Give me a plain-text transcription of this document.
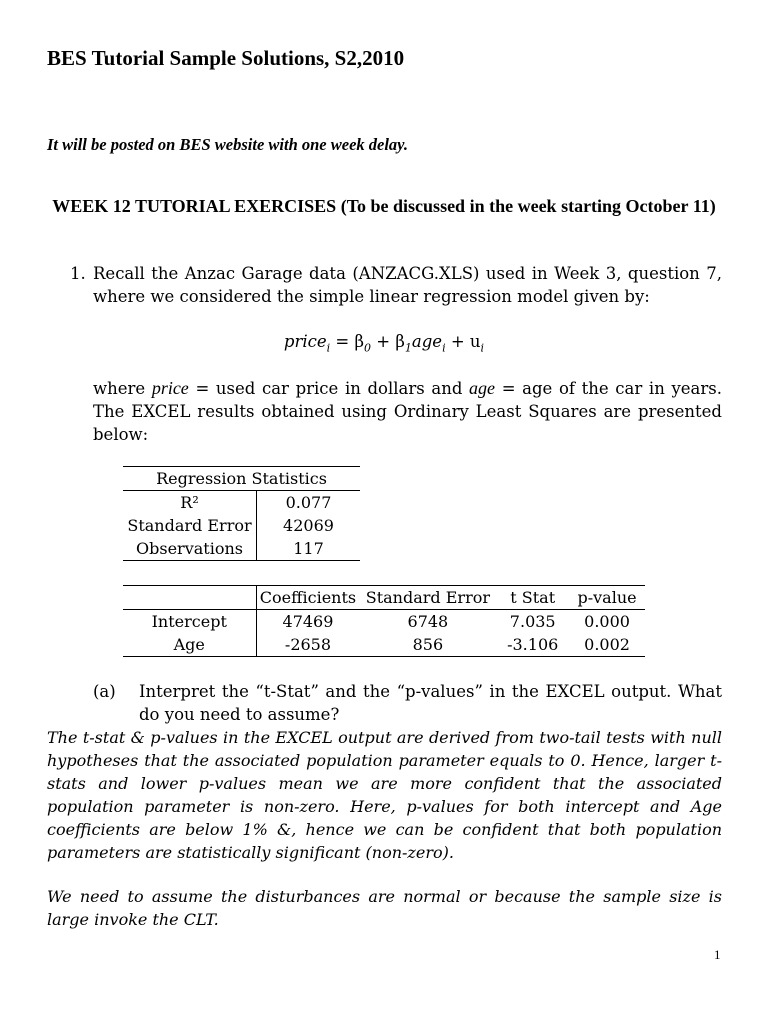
BES Tutorial Sample Solutions, S2,2010
It will be posted on BES website with one week delay.
WEEK 12 TUTORIAL EXERCISES (To be discussed in the week starting October 11)
1. Recall the Anzac Garage data (ANZACG.XLS) used in Week 3, question 7, where we considered the simple linear regression model given by:
price$_i$ = $\beta_0 + \beta_1age_i + u_i$
where price = used car price in dollars and age = age of the car in years. The EXCEL results obtained using Ordinary Least Squares are presented below:
Regression Statistics	
R²	0.077
Standard Error	42069
Observations	117
	Coefficients	Standard Error	t Stat	p-value
Intercept	47469	6748	7.035	0.000
Age	-2658	856	-3.106	0.002
(a) Interpret the “t-Stat” and the “p-values” in the EXCEL output. What do you need to assume?
The t-stat & p-values in the EXCEL output are derived from two-tail tests with null hypotheses that the associated population parameter equals to 0. Hence, larger t-stats and lower p-values mean we are more confident that the associated population parameter is non-zero. Here, p-values for both intercept and Age coefficients are below 1% &, hence we can be confident that both population parameters are statistically significant (non-zero).
We need to assume the disturbances are normal or because the sample size is large invoke the CLT.
1
